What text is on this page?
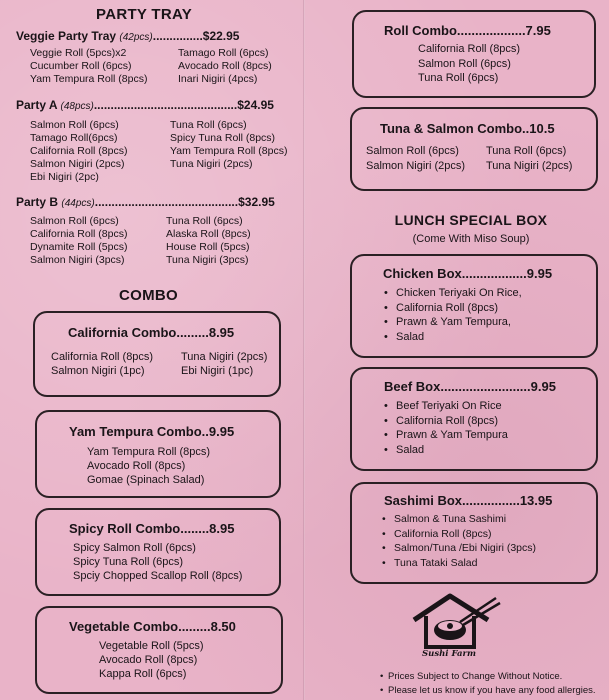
PARTY TRAY
Veggie Party Tray (42pcs)...............$22.95
Veggie Roll (5pcs)x2	Tamago Roll (6pcs)
Cucumber Roll (6pcs)	Avocado Roll (8pcs)
Yam Tempura Roll (8pcs)	Inari Nigiri (4pcs)
Party A (48pcs)...........................................$24.95
Salmon Roll (6pcs)	Tuna Roll (6pcs)
Tamago Roll(6pcs)	Spicy Tuna Roll (8pcs)
California Roll (8pcs)	Yam Tempura Roll (8pcs)
Salmon Nigiri (2pcs)	Tuna Nigiri (2pcs)
Ebi Nigiri (2pc)
Party B (44pcs)...........................................$32.95
Salmon Roll (6pcs)	Tuna Roll (6pcs)
California Roll (8pcs)	Alaska Roll (8pcs)
Dynamite Roll (5pcs)	House Roll (5pcs)
Salmon Nigiri (3pcs)	Tuna Nigiri (3pcs)
COMBO
California Combo.........8.95
California Roll (8pcs)	Tuna Nigiri (2pcs)
Salmon Nigiri (1pc)	Ebi Nigiri (1pc)
Yam Tempura Combo..9.95
Yam Tempura Roll (8pcs)
Avocado Roll (8pcs)
Gomae (Spinach Salad)
Spicy Roll Combo........8.95
Spicy Salmon Roll (6pcs)
Spicy Tuna Roll (6pcs)
Spciy Chopped Scallop Roll (8pcs)
Vegetable Combo.........8.50
Vegetable Roll (5pcs)
Avocado Roll (8pcs)
Kappa Roll (6pcs)
Roll Combo...................7.95
California Roll (8pcs)
Salmon Roll (6pcs)
Tuna Roll (6pcs)
Tuna & Salmon Combo..10.5
Salmon Roll (6pcs)	Tuna Roll (6pcs)
Salmon Nigiri (2pcs)	Tuna Nigiri (2pcs)
LUNCH SPECIAL BOX
(Come With Miso Soup)
Chicken Box..................9.95
• Chicken Teriyaki On Rice,
• California Roll (8pcs)
• Prawn & Yam Tempura,
• Salad
Beef Box.........................9.95
• Beef Teriyaki On Rice
• California Roll (8pcs)
• Prawn & Yam Tempura
• Salad
Sashimi Box................13.95
• Salmon & Tuna Sashimi
• California Roll (8pcs)
• Salmon/Tuna /Ebi Nigiri (3pcs)
• Tuna Tataki Salad
Sushi Farm
• Prices Subject to Change Without Notice.
• Please let us know if you have any food allergies.
